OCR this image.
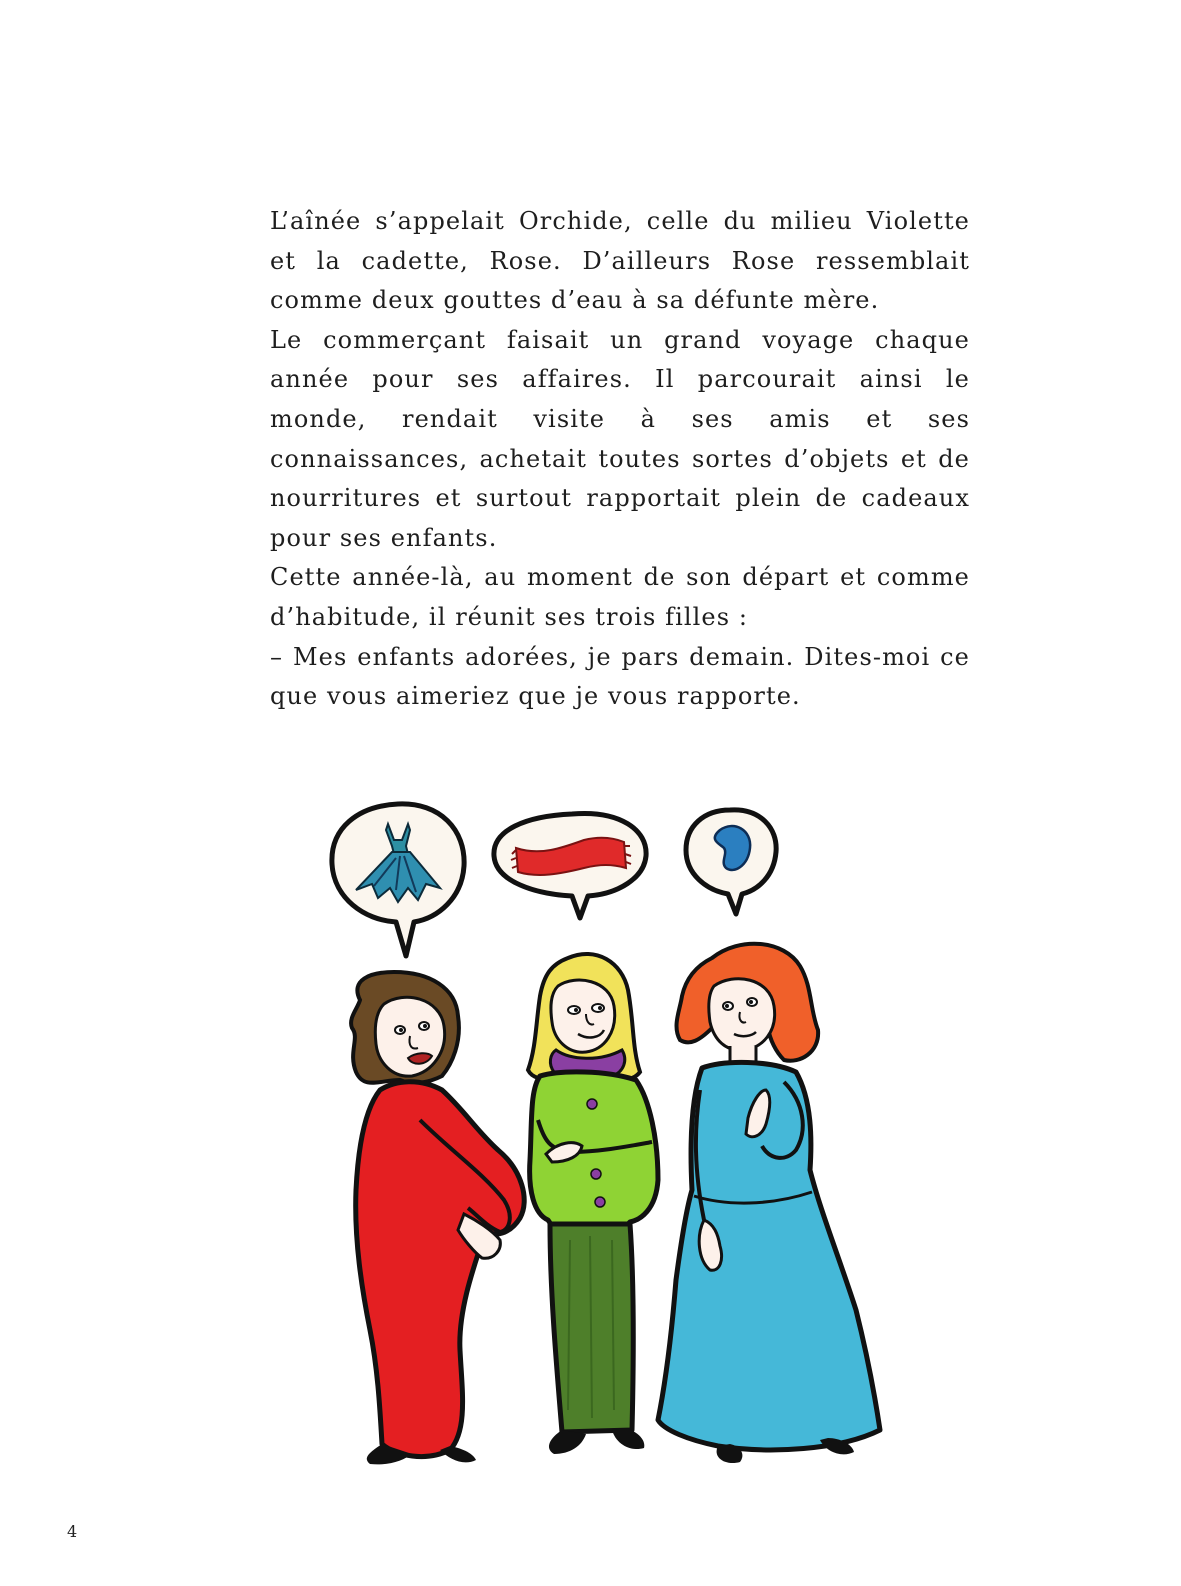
L’aînée s’appelait Orchide, celle du milieu Violette et la cadette, Rose. D’ailleurs Rose ressemblait comme deux gouttes d’eau à sa défunte mère.

Le commerçant faisait un grand voyage chaque année pour ses affaires. Il parcourait ainsi le monde, rendait visite à ses amis et ses connaissances, achetait toutes sortes d’objets et de nourritures et surtout rapportait plein de cadeaux pour ses enfants.

Cette année-là, au moment de son départ et comme d’habitude, il réunit ses trois filles :

– Mes enfants adorées, je pars demain. Dites-moi ce que vous aimeriez que je vous rapporte.

4
